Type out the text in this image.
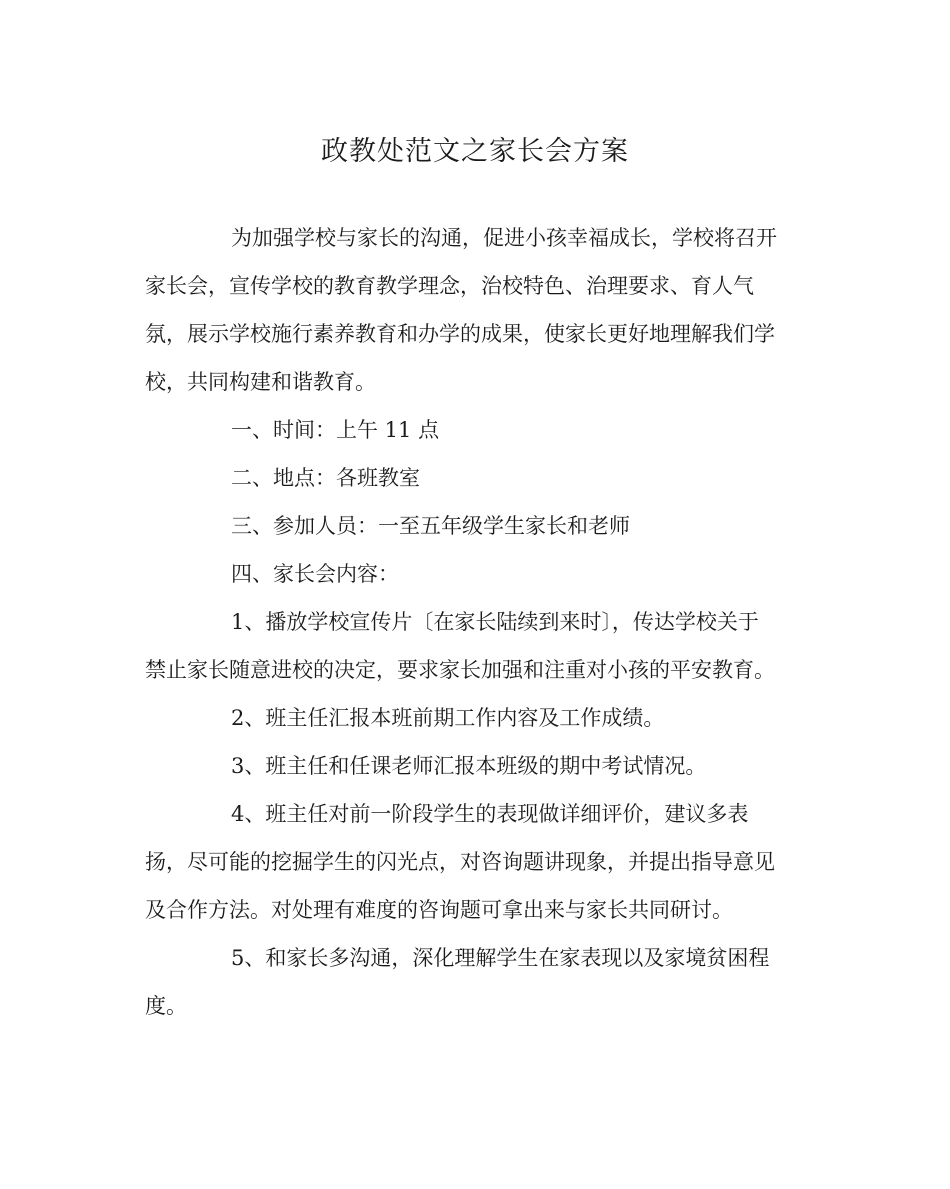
政教处范文之家长会方案
为加强学校与家长的沟通，促进小孩幸福成长，学校将召开
家长会，宣传学校的教育教学理念，治校特色、治理要求、育人气
氛，展示学校施行素养教育和办学的成果，使家长更好地理解我们学
校，共同构建和谐教育。
一、时间：上午 11 点
二、地点：各班教室
三、参加人员：一至五年级学生家长和老师
四、家长会内容：
1、播放学校宣传片〔在家长陆续到来时〕，传达学校关于
禁止家长随意进校的决定，要求家长加强和注重对小孩的平安教育。
2、班主任汇报本班前期工作内容及工作成绩。
3、班主任和任课老师汇报本班级的期中考试情况。
4、班主任对前一阶段学生的表现做详细评价，建议多表
扬，尽可能的挖掘学生的闪光点，对咨询题讲现象，并提出指导意见
及合作方法。对处理有难度的咨询题可拿出来与家长共同研讨。
5、和家长多沟通，深化理解学生在家表现以及家境贫困程
度。
